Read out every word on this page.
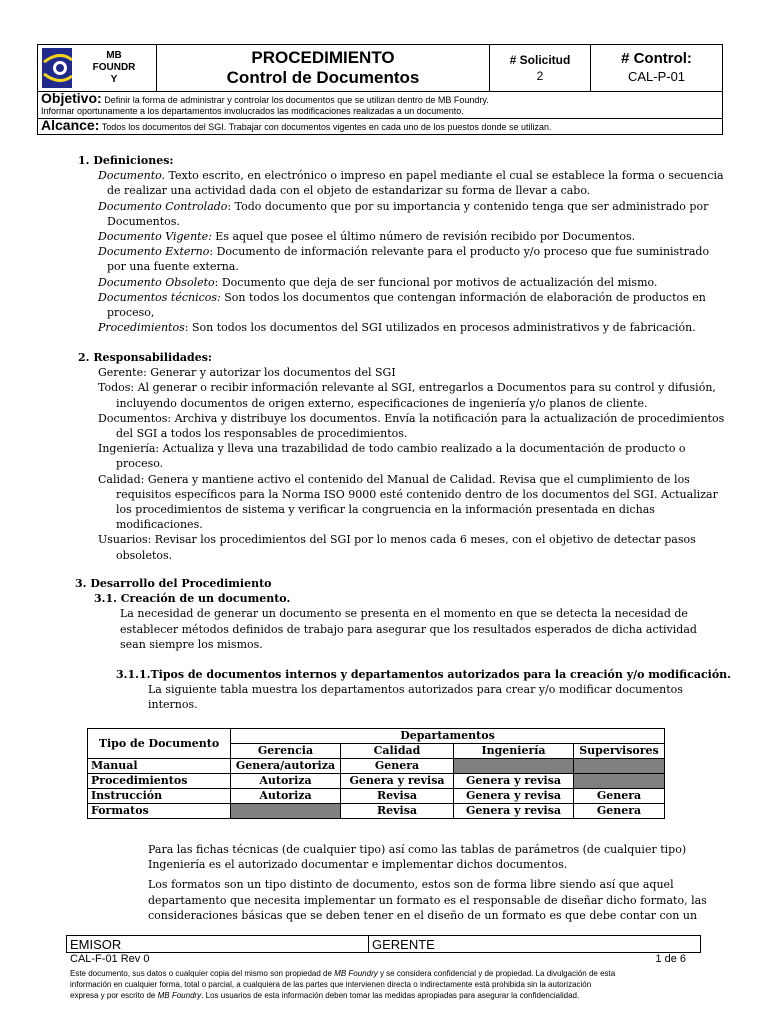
MB
FOUNDR
Y

PROCEDIMIENTO
Control de Documentos

# Solicitud
2

# Control:
CAL-P-01

Objetivo: Definir la forma de administrar y controlar los documentos que se utilizan dentro de MB Foundry.
Informar oportunamente a los departamentos involucrados las modificaciones realizadas a un documento.
Alcance: Todos los documentos del SGI. Trabajar con documentos vigentes en cada uno de los puestos donde se utilizan.

1. Definiciones:

Documento. Texto escrito, en electrónico o impreso en papel mediante el cual se establece la forma o secuencia

de realizar una actividad dada con el objeto de estandarizar su forma de llevar a cabo.

Documento Controlado: Todo documento que por su importancia y contenido tenga que ser administrado por

Documentos.

Documento Vigente: Es aquel que posee el último número de revisión recibido por Documentos.

Documento Externo: Documento de información relevante para el producto y/o proceso que fue suministrado

por una fuente externa.

Documento Obsoleto: Documento que deja de ser funcional por motivos de actualización del mismo.

Documentos técnicos: Son todos los documentos que contengan información de elaboración de productos en

proceso,

Procedimientos: Son todos los documentos del SGI utilizados en procesos administrativos y de fabricación.

2. Responsabilidades:

Gerente: Generar y autorizar los documentos del SGI

Todos: Al generar o recibir información relevante al SGI, entregarlos a Documentos para su control y difusión,

incluyendo documentos de origen externo, especificaciones de ingeniería y/o planos de cliente.

Documentos: Archiva y distribuye los documentos. Envía la notificación para la actualización de procedimientos

del SGI a todos los responsables de procedimientos.

Ingeniería: Actualiza y lleva una trazabilidad de todo cambio realizado a la documentación de producto o

proceso.

Calidad: Genera y mantiene activo el contenido del Manual de Calidad. Revisa que el cumplimiento de los

requisitos específicos para la Norma ISO 9000 esté contenido dentro de los documentos del SGI. Actualizar

los procedimientos de sistema y verificar la congruencia en la información presentada en dichas

modificaciones.

Usuarios: Revisar los procedimientos del SGI por lo menos cada 6 meses, con el objetivo de detectar pasos

obsoletos.

3. Desarrollo del Procedimiento

3.1. Creación de un documento.

La necesidad de generar un documento se presenta en el momento en que se detecta la necesidad de

establecer métodos definidos de trabajo para asegurar que los resultados esperados de dicha actividad

sean siempre los mismos.

3.1.1.Tipos de documentos internos y departamentos autorizados para la creación y/o modificación.

La siguiente tabla muestra los departamentos autorizados para crear y/o modificar documentos

internos.

Tipo de Documento	Departamentos			
	Gerencia	Calidad	Ingeniería	Supervisores
Manual	Genera/autoriza	Genera		
Procedimientos	Autoriza	Genera y revisa	Genera y revisa	
Instrucción	Autoriza	Revisa	Genera y revisa	Genera
Formatos		Revisa	Genera y revisa	Genera

Para las fichas técnicas (de cualquier tipo) así como las tablas de parámetros (de cualquier tipo)

Ingeniería es el autorizado documentar e implementar dichos documentos.

Los formatos son un tipo distinto de documento, estos son de forma libre siendo así que aquel

departamento que necesita implementar un formato es el responsable de diseñar dicho formato, las

consideraciones básicas que se deben tener en el diseño de un formato es que debe contar con un

EMISOR	GERENTE
CAL-F-01 Rev 0	1 de 6
Este documento, sus datos o cualquier copia del mismo son propiedad de MB Foundry y se considera confidencial y de propiedad. La divulgación de esta
información en cualquier forma, total o parcial, a cualquiera de las partes que intervienen directa o indirectamente está prohibida sin la autorización
expresa y por escrito de MB Foundry. Los usuarios de esta información deben tomar las medidas apropiadas para asegurar la confidencialidad.
